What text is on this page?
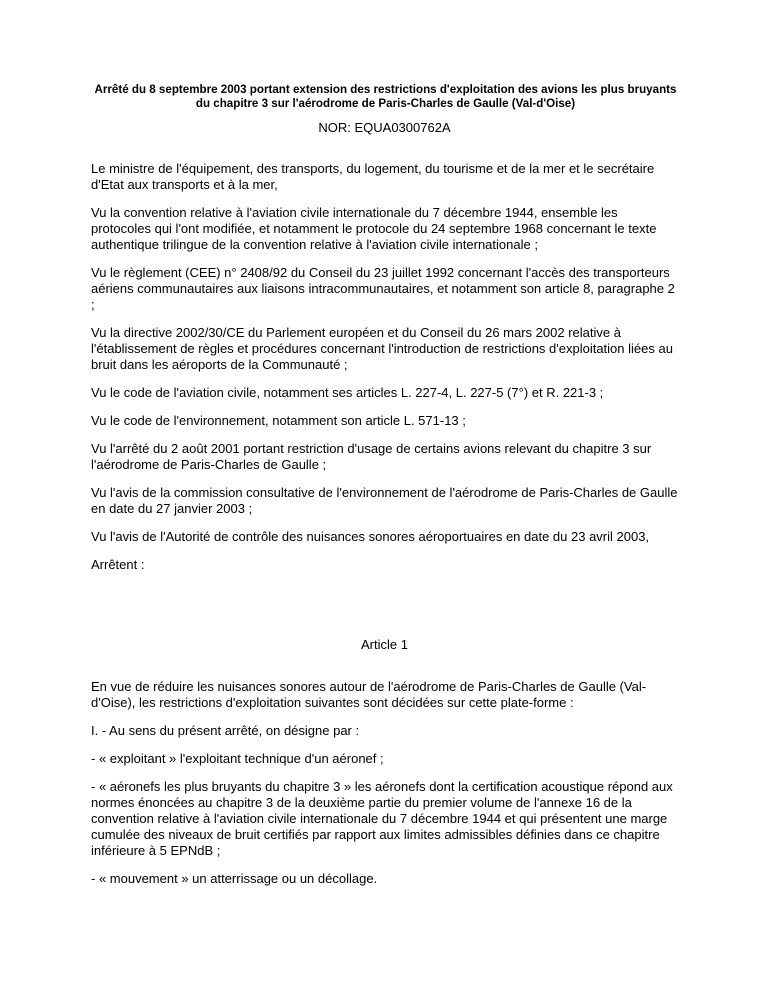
Arrêté du 8 septembre 2003 portant extension des restrictions d'exploitation des avions les plus bruyants du chapitre 3 sur l'aérodrome de Paris-Charles de Gaulle (Val-d'Oise)

NOR: EQUA0300762A

Le ministre de l'équipement, des transports, du logement, du tourisme et de la mer et le secrétaire d'Etat aux transports et à la mer,

Vu la convention relative à l'aviation civile internationale du 7 décembre 1944, ensemble les protocoles qui l'ont modifiée, et notamment le protocole du 24 septembre 1968 concernant le texte authentique trilingue de la convention relative à l'aviation civile internationale ;

Vu le règlement (CEE) n° 2408/92 du Conseil du 23 juillet 1992 concernant l'accès des transporteurs aériens communautaires aux liaisons intracommunautaires, et notamment son article 8, paragraphe 2 ;

Vu la directive 2002/30/CE du Parlement européen et du Conseil du 26 mars 2002 relative à l'établissement de règles et procédures concernant l'introduction de restrictions d'exploitation liées au bruit dans les aéroports de la Communauté ;

Vu le code de l'aviation civile, notamment ses articles L. 227-4, L. 227-5 (7°) et R. 221-3 ;

Vu le code de l'environnement, notamment son article L. 571-13 ;

Vu l'arrêté du 2 août 2001 portant restriction d'usage de certains avions relevant du chapitre 3 sur l'aérodrome de Paris-Charles de Gaulle ;

Vu l'avis de la commission consultative de l'environnement de l'aérodrome de Paris-Charles de Gaulle en date du 27 janvier 2003 ;

Vu l'avis de l'Autorité de contrôle des nuisances sonores aéroportuaires en date du 23 avril 2003,

Arrêtent :

Article 1

En vue de réduire les nuisances sonores autour de l'aérodrome de Paris-Charles de Gaulle (Val-d'Oise), les restrictions d'exploitation suivantes sont décidées sur cette plate-forme :

I. - Au sens du présent arrêté, on désigne par :

- « exploitant » l'exploitant technique d'un aéronef ;

- « aéronefs les plus bruyants du chapitre 3 » les aéronefs dont la certification acoustique répond aux normes énoncées au chapitre 3 de la deuxième partie du premier volume de l'annexe 16 de la convention relative à l'aviation civile internationale du 7 décembre 1944 et qui présentent une marge cumulée des niveaux de bruit certifiés par rapport aux limites admissibles définies dans ce chapitre inférieure à 5 EPNdB ;

- « mouvement » un atterrissage ou un décollage.
